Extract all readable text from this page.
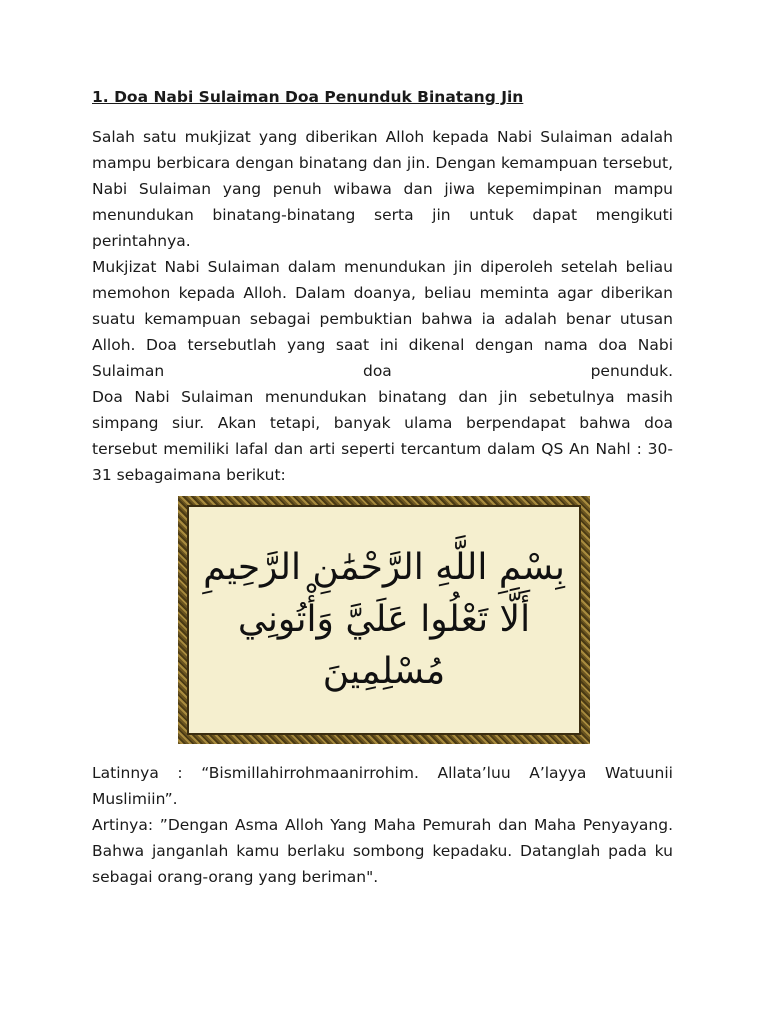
1. Doa Nabi Sulaiman Doa Penunduk Binatang Jin

Salah satu mukjizat yang diberikan Alloh kepada Nabi Sulaiman adalah
mampu berbicara dengan binatang dan jin. Dengan kemampuan tersebut,
Nabi Sulaiman yang penuh wibawa dan jiwa kepemimpinan mampu
menundukan binatang-binatang serta jin untuk dapat mengikuti
perintahnya.

Mukjizat Nabi Sulaiman dalam menundukan jin diperoleh setelah beliau
memohon kepada Alloh. Dalam doanya, beliau meminta agar diberikan
suatu kemampuan sebagai pembuktian bahwa ia adalah benar utusan
Alloh. Doa tersebutlah yang saat ini dikenal dengan nama doa Nabi
Sulaiman doa penunduk.

Doa Nabi Sulaiman menundukan binatang dan jin sebetulnya masih
simpang siur. Akan tetapi, banyak ulama berpendapat bahwa doa
tersebut memiliki lafal dan arti seperti tercantum dalam QS An Nahl : 30-
31 sebagaimana berikut:

بِسْمِ اللَّهِ الرَّحْمَٰنِ الرَّحِيمِ
أَلَّا تَعْلُوا عَلَيَّ وَأْتُونِي
مُسْلِمِينَ

Latinnya : “Bismillahirrohmaanirrohim. Allata’luu A’layya Watuunii
Muslimiin”.

Artinya: ”Dengan Asma Alloh Yang Maha Pemurah dan Maha Penyayang.
Bahwa janganlah kamu berlaku sombong kepadaku. Datanglah pada ku
sebagai orang-orang yang beriman".
